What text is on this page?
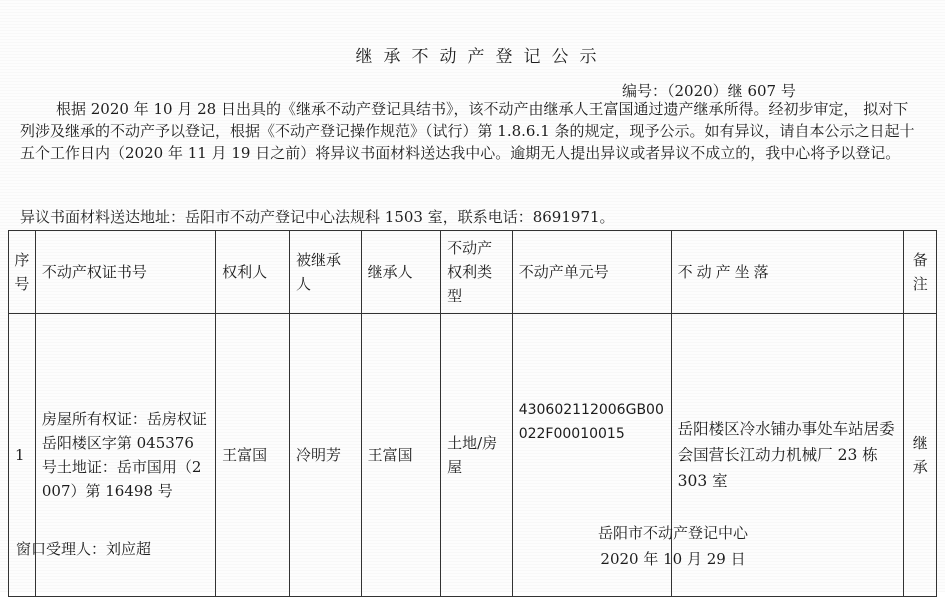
继承不动产登记公示
编号：（2020）继 607 号
根据 2020 年 10 月 28 日出具的《继承不动产登记具结书》，该不动产由继承人王富国通过遗产继承所得。经初步审定， 拟对下列涉及继承的不动产予以登记，根据《不动产登记操作规范》（试行）第 1.8.6.1 条的规定，现予公示。如有异议，请自本公示之日起十五个工作日内（2020 年 11 月 19 日之前）将异议书面材料送达我中心。逾期无人提出异议或者异议不成立的，我中心将予以登记。
异议书面材料送达地址：岳阳市不动产登记中心法规科 1503 室，联系电话：8691971。
序号	不动产权证书号	权利人	被继承人	继承人	不动产权利类型	不动产单元号	不动产坐落	备注
1	房屋所有权证：岳房权证岳阳楼区字第 045376 号土地证：岳市国用（2007）第 16498 号	王富国	冷明芳	王富国	土地/房屋	430602112006GB00022F00010015	岳阳楼区冷水铺办事处车站居委会国营长江动力机械厂 23 栋 303 室	继承
岳阳市不动产登记中心
2020 年 10 月 29 日
窗口受理人：刘应超
